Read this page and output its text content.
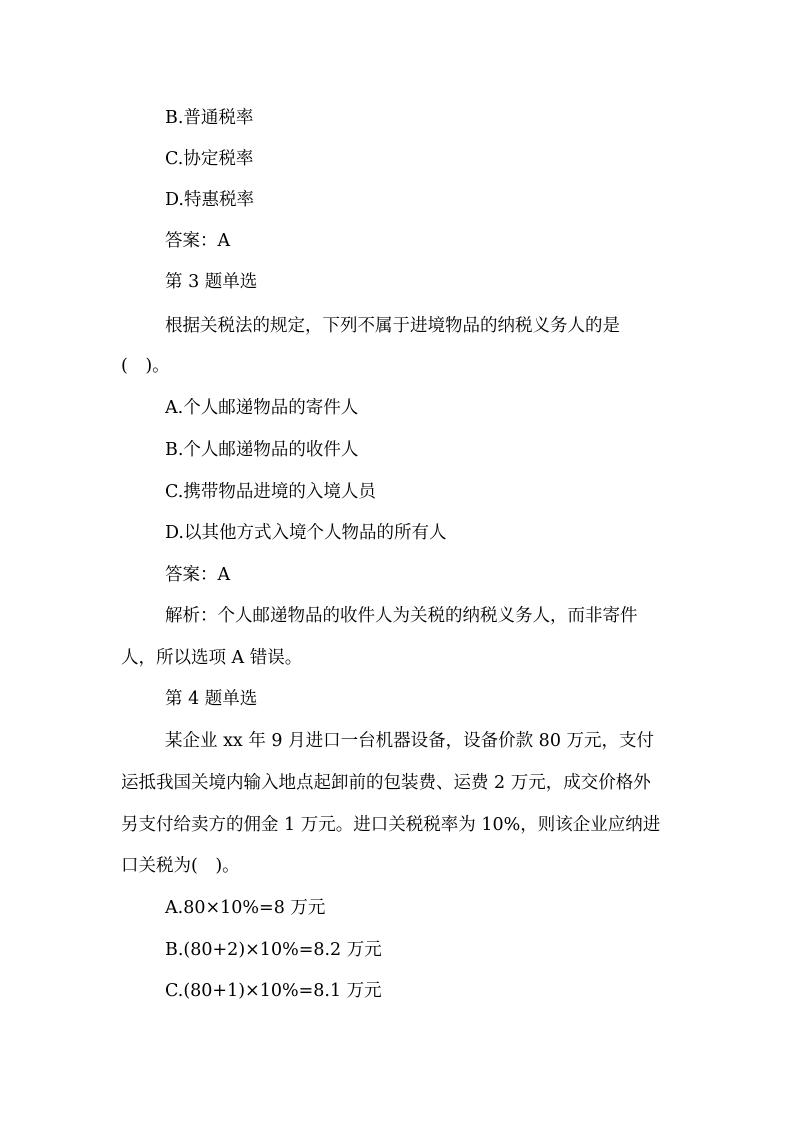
B.普通税率
C.协定税率
D.特惠税率
答案：A
第 3 题单选
根据关税法的规定，下列不属于进境物品的纳税义务人的是
(　)。
A.个人邮递物品的寄件人
B.个人邮递物品的收件人
C.携带物品进境的入境人员
D.以其他方式入境个人物品的所有人
答案：A
解析：个人邮递物品的收件人为关税的纳税义务人，而非寄件
人，所以选项 A 错误。
第 4 题单选
某企业 xx 年 9 月进口一台机器设备，设备价款 80 万元，支付
运抵我国关境内输入地点起卸前的包装费、运费 2 万元，成交价格外
另支付给卖方的佣金 1 万元。进口关税税率为 10%，则该企业应纳进
口关税为(　)。
A.80×10%=8 万元
B.(80+2)×10%=8.2 万元
C.(80+1)×10%=8.1 万元
